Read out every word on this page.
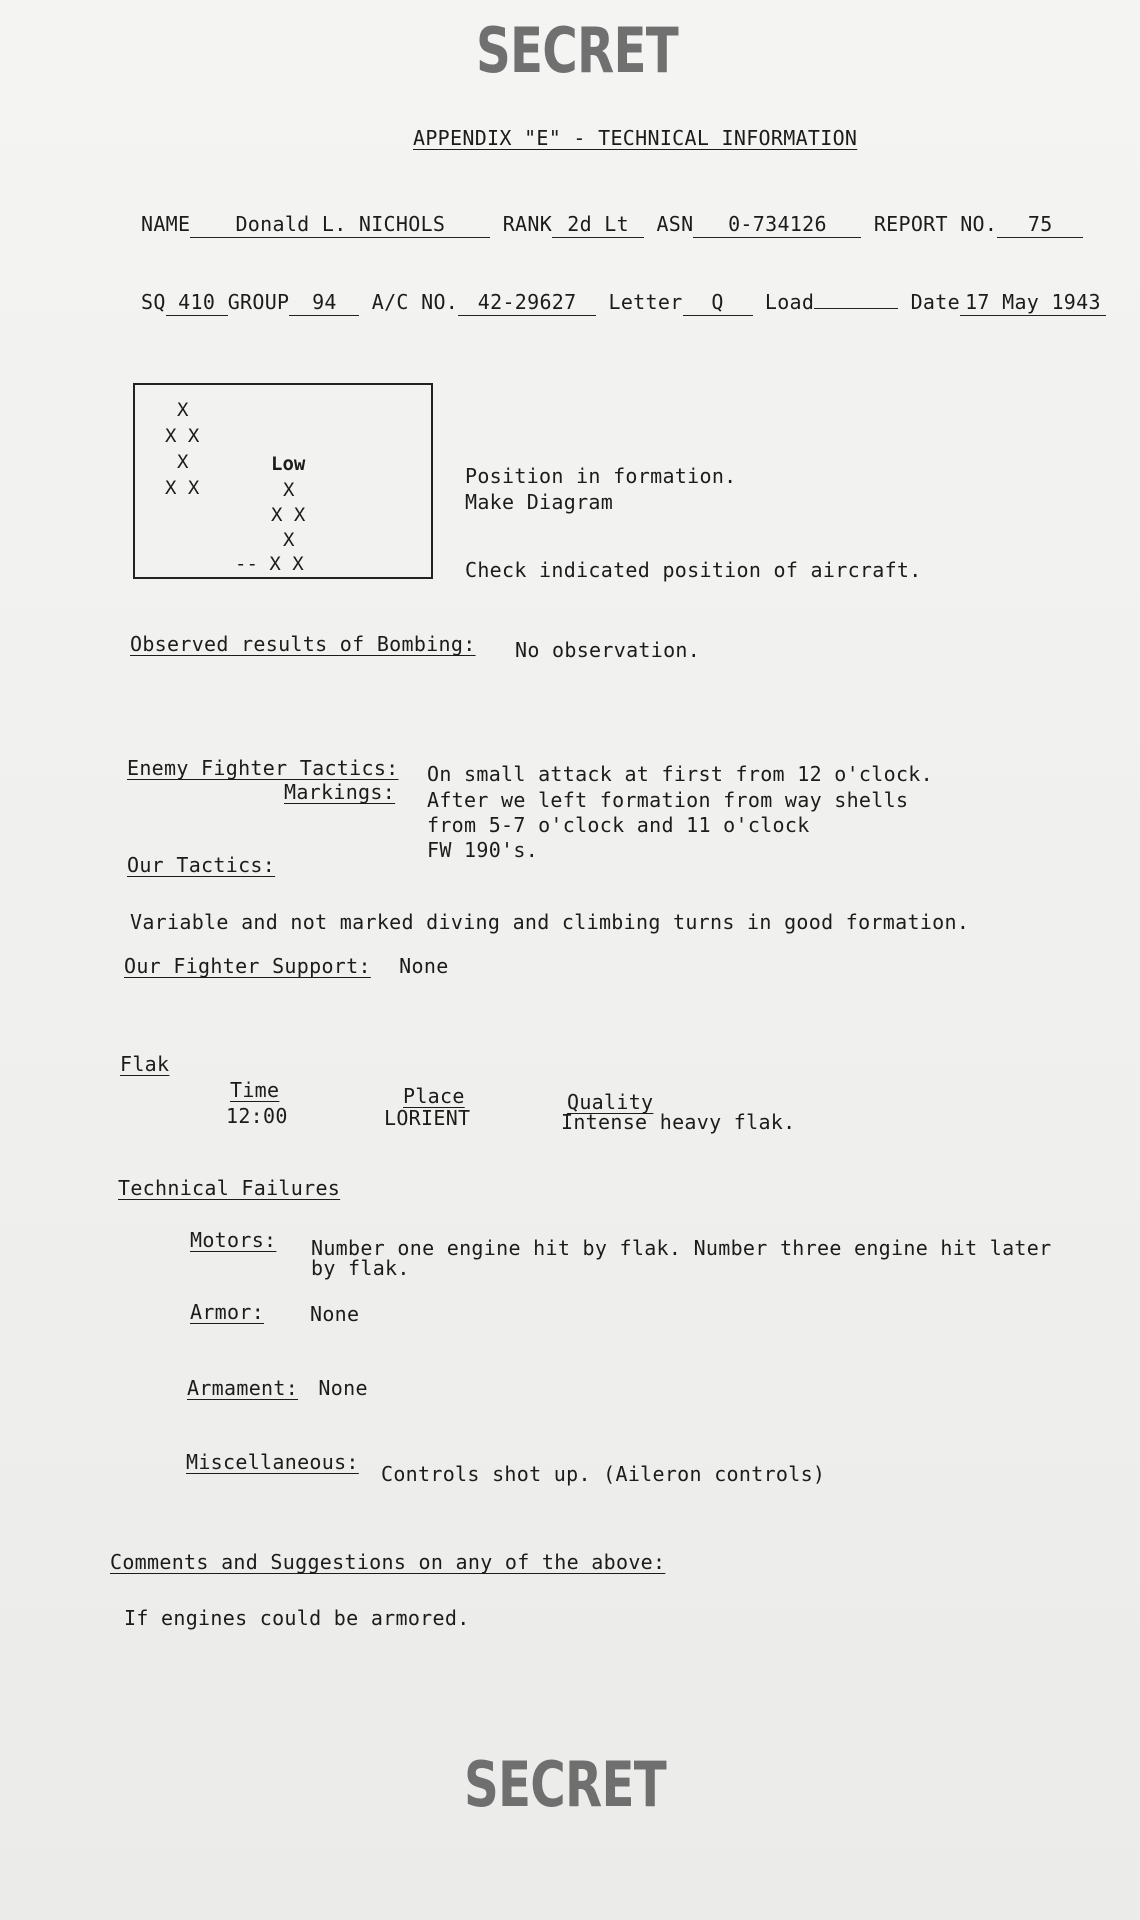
SECRET
APPENDIX "E" - TECHNICAL INFORMATION
NAME Donald L. NICHOLS	RANK 2d Lt ASN 0-734126 REPORT NO. 75
SQ 410 GROUP 94 A/C NO. 42-29627 Letter Q Load	Date 17 May 1943
X
X X
X
X X
Low
X
X X
X
-- X X
Position in formation.
Make Diagram
Check indicated position of aircraft.
Observed results of Bombing: No observation.
Enemy Fighter Tactics:
Markings:
On small attack at first from 12 o'clock.
After we left formation from way shells
from 5-7 o'clock and 11 o'clock
FW 190's.
Our Tactics:
Variable and not marked diving and climbing turns in good formation.
Our Fighter Support: None
Flak
Time
12:00
Place
LORIENT
Quality
Intense heavy flak.
Technical Failures
Motors: Number one engine hit by flak. Number three engine hit later
by flak.
Armor: None
Armament: None
Miscellaneous: Controls shot up. (Aileron controls)
Comments and Suggestions on any of the above:
If engines could be armored.
SECRET
